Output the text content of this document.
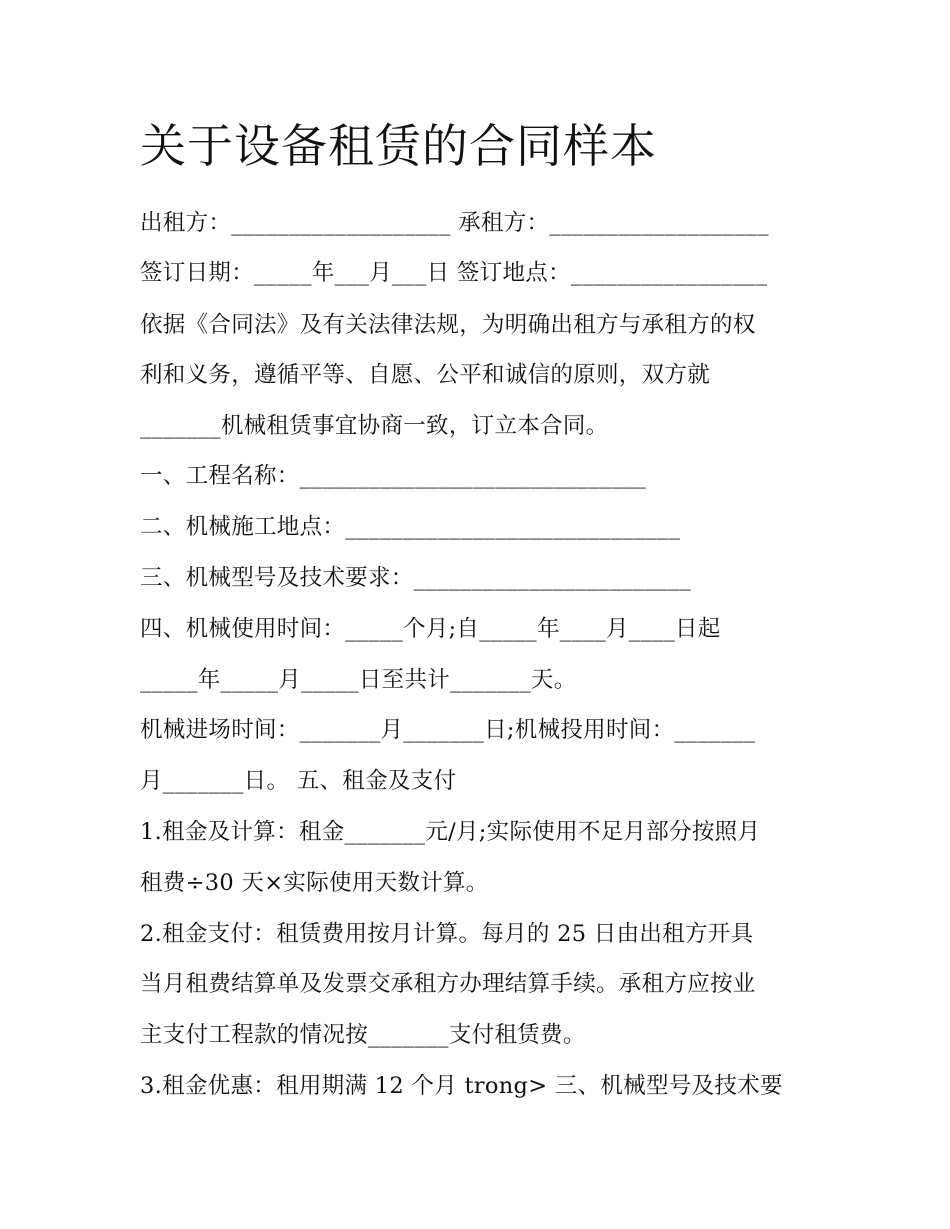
关于设备租赁的合同样本
出租方：___________________ 承租方：___________________
签订日期：_____年___月___日 签订地点：_________________
依据《合同法》及有关法律法规，为明确出租方与承租方的权
利和义务，遵循平等、自愿、公平和诚信的原则，双方就
_______机械租赁事宜协商一致，订立本合同。
一、工程名称：______________________________
二、机械施工地点：_____________________________
三、机械型号及技术要求：________________________
四、机械使用时间：_____个月;自_____年____月____日起
_____年_____月_____日至共计_______天。
机械进场时间：_______月_______日;机械投用时间：_______
月_______日。 五、租金及支付
1.租金及计算：租金_______元/月;实际使用不足月部分按照月
租费÷30 天×实际使用天数计算。
2.租金支付：租赁费用按月计算。每月的 25 日由出租方开具
当月租费结算单及发票交承租方办理结算手续。承租方应按业
主支付工程款的情况按_______支付租赁费。
3.租金优惠：租用期满 12 个月 trong> 三、机械型号及技术要
